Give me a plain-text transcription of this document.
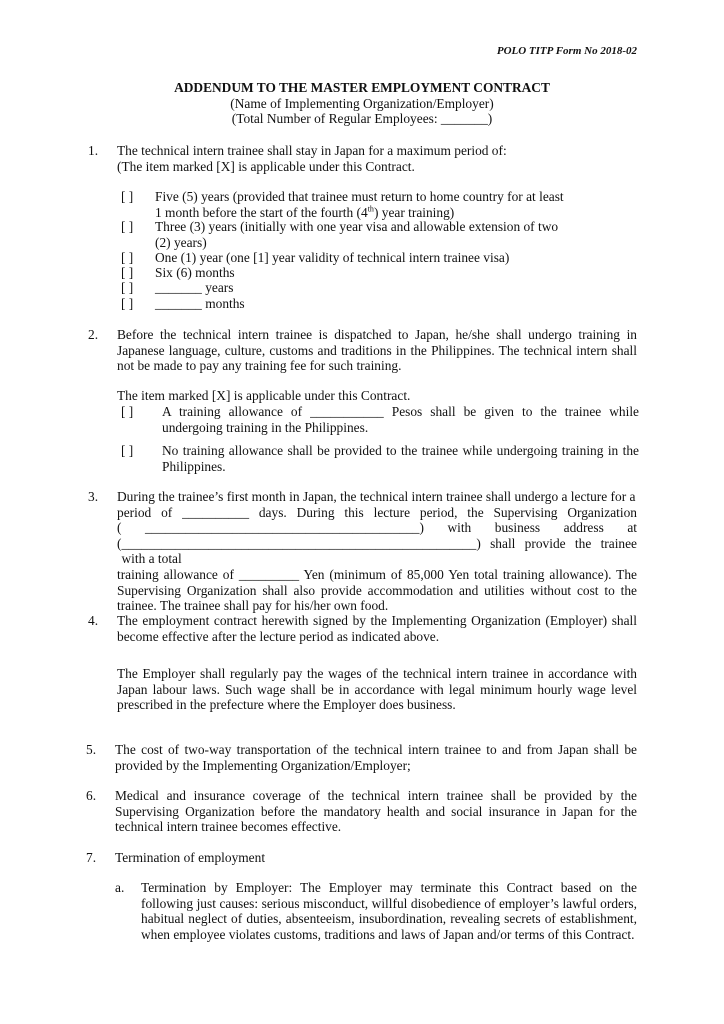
POLO TITP Form No 2018-02
ADDENDUM TO THE MASTER EMPLOYMENT CONTRACT
(Name of Implementing Organization/Employer)
(Total Number of Regular Employees: _______)
1. The technical intern trainee shall stay in Japan for a maximum period of:
(The item marked [X] is applicable under this Contract.
[ ] Five (5) years (provided that trainee must return to home country for at least
1 month before the start of the fourth (4th) year training)
[ ] Three (3) years (initially with one year visa and allowable extension of two
(2) years)
[ ] One (1) year (one [1] year validity of technical intern trainee visa)
[ ] Six (6) months
[ ] _______ years
[ ] _______ months
2. Before the technical intern trainee is dispatched to Japan, he/she shall undergo training in Japanese language, culture, customs and traditions in the Philippines. The technical intern shall not be made to pay any training fee for such training.
The item marked [X] is applicable under this Contract.
[ ] A training allowance of ___________ Pesos shall be given to the trainee while undergoing training in the Philippines.
[ ] No training allowance shall be provided to the trainee while undergoing training in the Philippines.
3. During the trainee’s first month in Japan, the technical intern trainee shall undergo a lecture for a
period of __________ days. During this lecture period, the Supervising Organization
( _________________________________________) with business address at
( _____________________________________________________) shall provide the trainee with a total
training allowance of _________ Yen (minimum of 85,000 Yen total training allowance). The Supervising Organization shall also provide accommodation and utilities without cost to the trainee. The trainee shall pay for his/her own food.
4. The employment contract herewith signed by the Implementing Organization (Employer) shall become effective after the lecture period as indicated above.
The Employer shall regularly pay the wages of the technical intern trainee in accordance with Japan labour laws. Such wage shall be in accordance with legal minimum hourly wage level prescribed in the prefecture where the Employer does business.
5. The cost of two-way transportation of the technical intern trainee to and from Japan shall be provided by the Implementing Organization/Employer;
6. Medical and insurance coverage of the technical intern trainee shall be provided by the Supervising Organization before the mandatory health and social insurance in Japan for the technical intern trainee becomes effective.
7. Termination of employment
a. Termination by Employer: The Employer may terminate this Contract based on the following just causes: serious misconduct, willful disobedience of employer’s lawful orders, habitual neglect of duties, absenteeism, insubordination, revealing secrets of establishment, when employee violates customs, traditions and laws of Japan and/or terms of this Contract.
